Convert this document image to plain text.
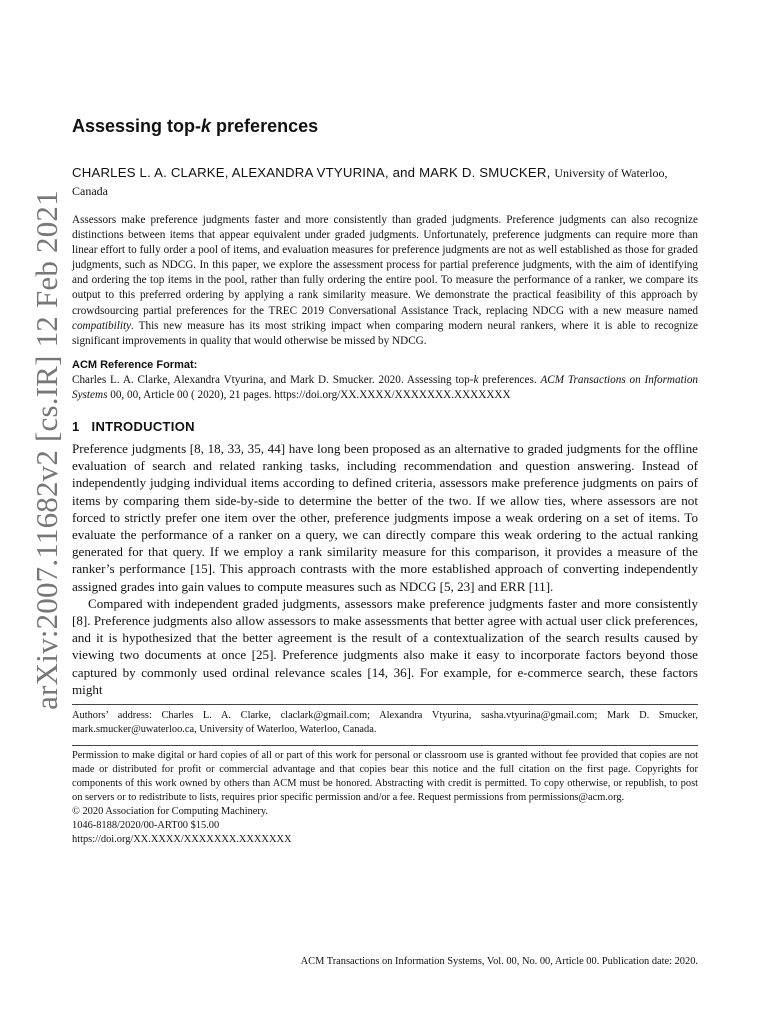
arXiv:2007.11682v2 [cs.IR] 12 Feb 2021
Assessing top-k preferences

CHARLES L. A. CLARKE, ALEXANDRA VTYURINA, and MARK D. SMUCKER, University of Waterloo, Canada

Assessors make preference judgments faster and more consistently than graded judgments. Preference judgments can also recognize distinctions between items that appear equivalent under graded judgments. Unfortunately, preference judgments can require more than linear effort to fully order a pool of items, and evaluation measures for preference judgments are not as well established as those for graded judgments, such as NDCG. In this paper, we explore the assessment process for partial preference judgments, with the aim of identifying and ordering the top items in the pool, rather than fully ordering the entire pool. To measure the performance of a ranker, we compare its output to this preferred ordering by applying a rank similarity measure. We demonstrate the practical feasibility of this approach by crowdsourcing partial preferences for the TREC 2019 Conversational Assistance Track, replacing NDCG with a new measure named compatibility. This new measure has its most striking impact when comparing modern neural rankers, where it is able to recognize significant improvements in quality that would otherwise be missed by NDCG.

ACM Reference Format:

Charles L. A. Clarke, Alexandra Vtyurina, and Mark D. Smucker. 2020. Assessing top-k preferences. ACM Transactions on Information Systems 00, 00, Article 00 ( 2020), 21 pages. https://doi.org/XX.XXXX/XXXXXXX.XXXXXXX

1 INTRODUCTION

Preference judgments [8, 18, 33, 35, 44] have long been proposed as an alternative to graded judgments for the offline evaluation of search and related ranking tasks, including recommendation and question answering. Instead of independently judging individual items according to defined criteria, assessors make preference judgments on pairs of items by comparing them side-by-side to determine the better of the two. If we allow ties, where assessors are not forced to strictly prefer one item over the other, preference judgments impose a weak ordering on a set of items. To evaluate the performance of a ranker on a query, we can directly compare this weak ordering to the actual ranking generated for that query. If we employ a rank similarity measure for this comparison, it provides a measure of the ranker’s performance [15]. This approach contrasts with the more established approach of converting independently assigned grades into gain values to compute measures such as NDCG [5, 23] and ERR [11].

Compared with independent graded judgments, assessors make preference judgments faster and more consistently [8]. Preference judgments also allow assessors to make assessments that better agree with actual user click preferences, and it is hypothesized that the better agreement is the result of a contextualization of the search results caused by viewing two documents at once [25]. Preference judgments also make it easy to incorporate factors beyond those captured by commonly used ordinal relevance scales [14, 36]. For example, for e-commerce search, these factors might

Authors’ address: Charles L. A. Clarke, claclark@gmail.com; Alexandra Vtyurina, sasha.vtyurina@gmail.com; Mark D. Smucker, mark.smucker@uwaterloo.ca, University of Waterloo, Waterloo, Canada.

Permission to make digital or hard copies of all or part of this work for personal or classroom use is granted without fee provided that copies are not made or distributed for profit or commercial advantage and that copies bear this notice and the full citation on the first page. Copyrights for components of this work owned by others than ACM must be honored. Abstracting with credit is permitted. To copy otherwise, or republish, to post on servers or to redistribute to lists, requires prior specific permission and/or a fee. Request permissions from permissions@acm.org.

© 2020 Association for Computing Machinery.

1046-8188/2020/00-ART00 $15.00

https://doi.org/XX.XXXX/XXXXXXX.XXXXXXX

ACM Transactions on Information Systems, Vol. 00, No. 00, Article 00. Publication date: 2020.
